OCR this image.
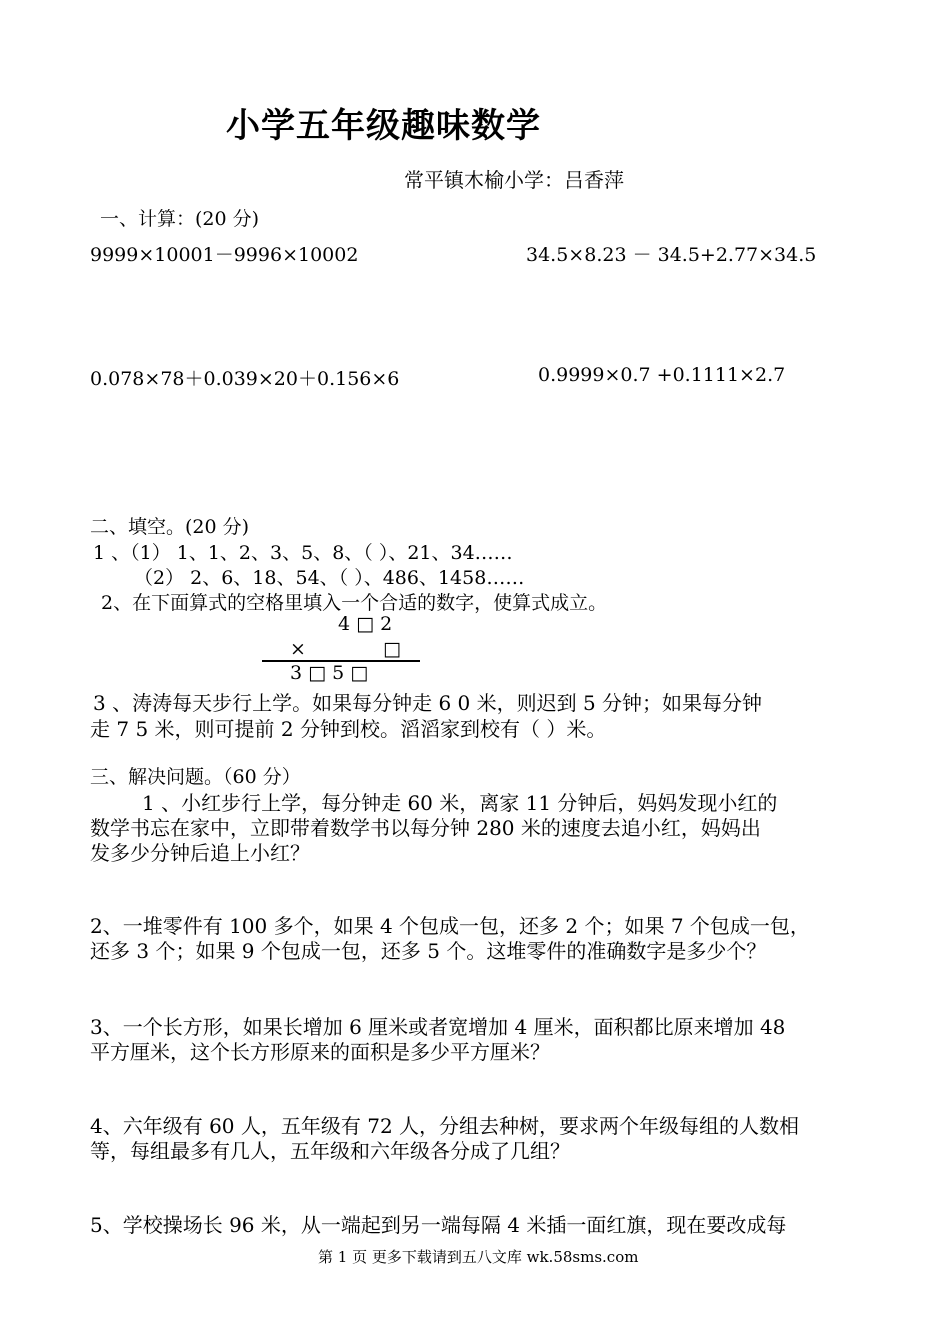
小学五年级趣味数学
常平镇木榆小学：吕香萍
一、计算：(20 分)
9999×10001－9996×10002	34.5×8.23 － 34.5+2.77×34.5
0.078×78＋0.039×20＋0.156×6	0.9999×0.7 +0.1111×2.7
二、填空。(20 分)
1 、（1） 1、1、2、3、5、8、（ ）、21、34……
（2） 2、6、18、54、（ ）、486、1458……
2、在下面算式的空格里填入一个合适的数字，使算式成立。
4 □ 2
×	□
3 □ 5 □
3 、涛涛每天步行上学。如果每分钟走 6 0 米，则迟到 5 分钟；如果每分钟
走 7 5 米，则可提前 2 分钟到校。滔滔家到校有（ ）米。
三、解决问题。（60 分）
1 、小红步行上学，每分钟走 60 米，离家 11 分钟后，妈妈发现小红的
数学书忘在家中，立即带着数学书以每分钟 280 米的速度去追小红，妈妈出
发多少分钟后追上小红？
2、一堆零件有 100 多个，如果 4 个包成一包，还多 2 个；如果 7 个包成一包，
还多 3 个；如果 9 个包成一包，还多 5 个。这堆零件的准确数字是多少个？
3、一个长方形，如果长增加 6 厘米或者宽增加 4 厘米，面积都比原来增加 48
平方厘米，这个长方形原来的面积是多少平方厘米？
4、六年级有 60 人，五年级有 72 人，分组去种树，要求两个年级每组的人数相
等，每组最多有几人，五年级和六年级各分成了几组？
5、学校操场长 96 米，从一端起到另一端每隔 4 米插一面红旗，现在要改成每
第 1 页 更多下载请到五八文库 wk.58sms.com
